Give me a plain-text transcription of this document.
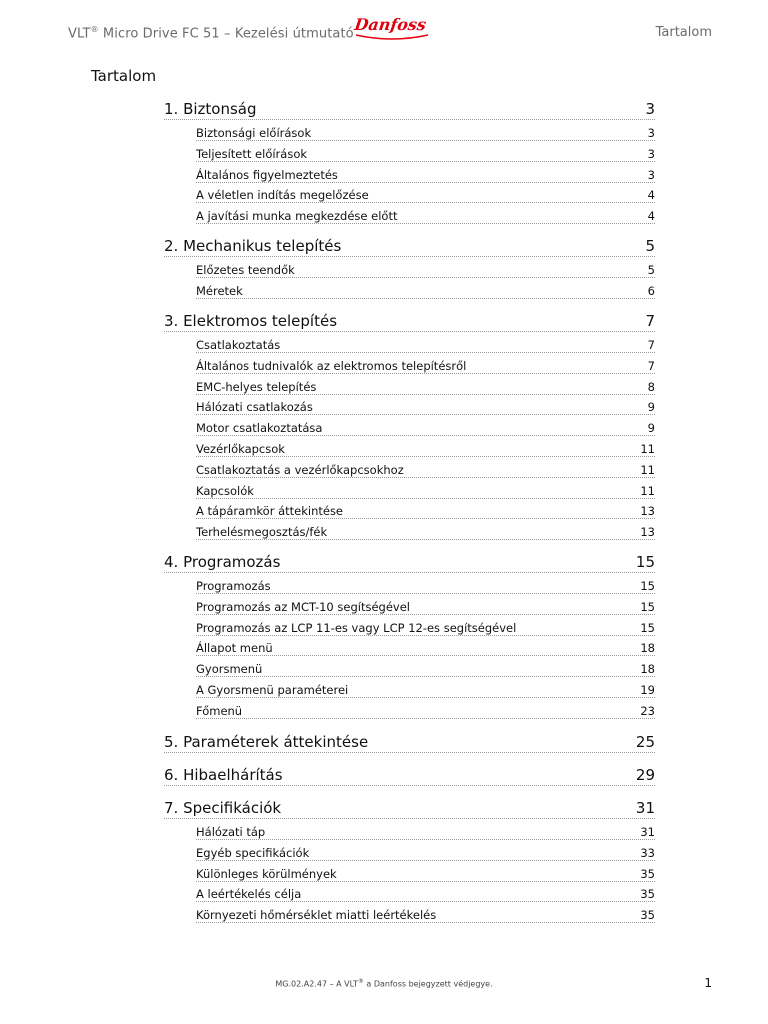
VLT® Micro Drive FC 51 – Kezelési útmutató Danfoss	Tartalom
Tartalom
1. Biztonság	3
Biztonsági előírások	3
Teljesített előírások	3
Általános figyelmeztetés	3
A véletlen indítás megelőzése	4
A javítási munka megkezdése előtt	4
2. Mechanikus telepítés	5
Előzetes teendők	5
Méretek	6
3. Elektromos telepítés	7
Csatlakoztatás	7
Általános tudnivalók az elektromos telepítésről	7
EMC-helyes telepítés	8
Hálózati csatlakozás	9
Motor csatlakoztatása	9
Vezérlőkapcsok	11
Csatlakoztatás a vezérlőkapcsokhoz	11
Kapcsolók	11
A tápáramkör áttekintése	13
Terhelésmegosztás/fék	13
4. Programozás	15
Programozás	15
Programozás az MCT-10 segítségével	15
Programozás az LCP 11-es vagy LCP 12-es segítségével	15
Állapot menü	18
Gyorsmenü	18
A Gyorsmenü paraméterei	19
Főmenü	23
5. Paraméterek áttekintése	25
6. Hibaelhárítás	29
7. Specifikációk	31
Hálózati táp	31
Egyéb specifikációk	33
Különleges körülmények	35
A leértékelés célja	35
Környezeti hőmérséklet miatti leértékelés	35
MG.02.A2.47 – A VLT® a Danfoss bejegyzett védjegye.	1
